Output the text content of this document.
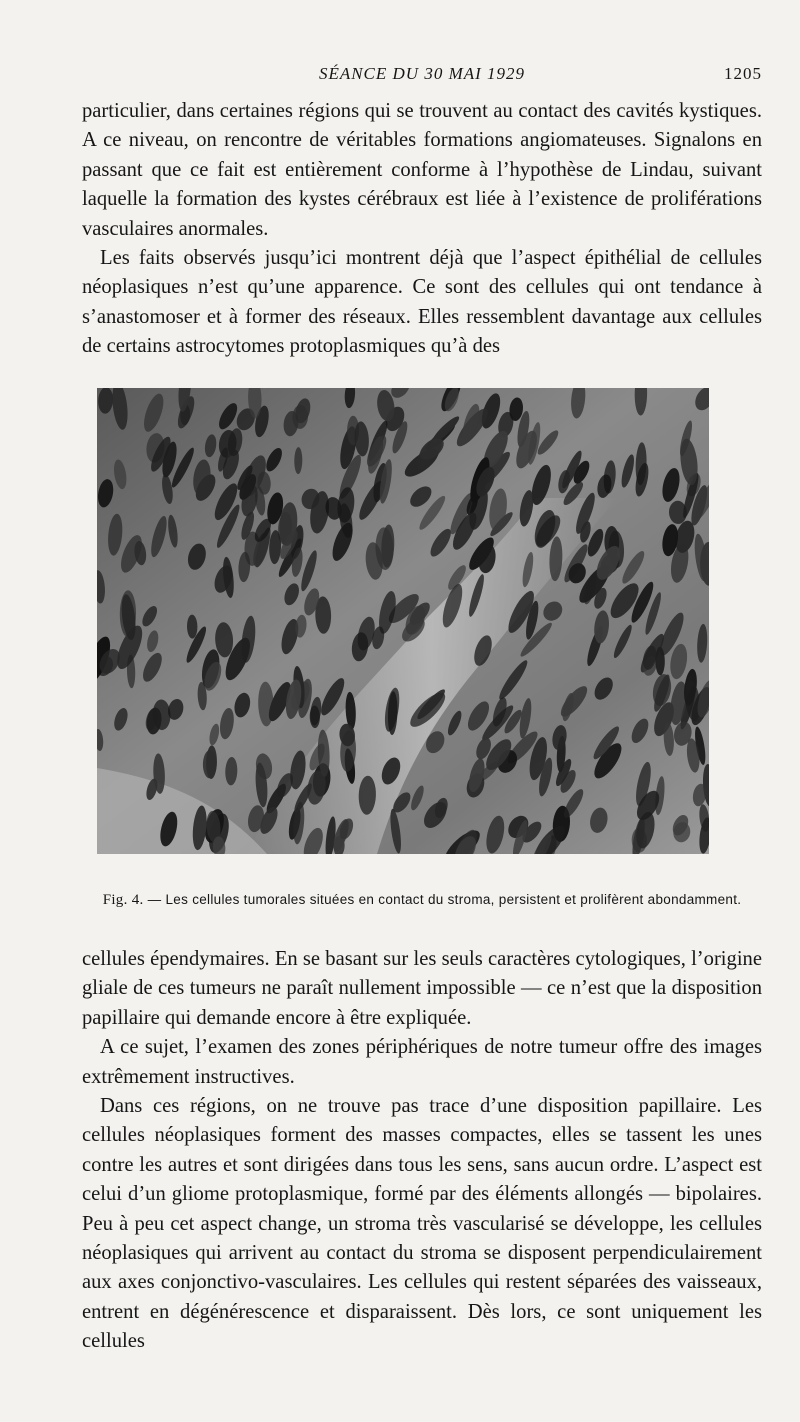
SÉANCE DU 30 MAI 1929	1205

particulier, dans certaines régions qui se trouvent au contact des cavités kystiques. A ce niveau, on rencontre de véritables formations angiomateuses. Signalons en passant que ce fait est entièrement conforme à l’hypothèse de Lindau, suivant laquelle la formation des kystes cérébraux est liée à l’existence de proliférations vasculaires anormales.

Les faits observés jusqu’ici montrent déjà que l’aspect épithélial de cellules néoplasiques n’est qu’une apparence. Ce sont des cellules qui ont tendance à s’anastomoser et à former des réseaux. Elles ressemblent davantage aux cellules de certains astrocytomes protoplasmiques qu’à des

Fig. 4. — Les cellules tumorales situées en contact du stroma, persistent et prolifèrent abondamment.

cellules épendymaires. En se basant sur les seuls caractères cytologiques, l’origine gliale de ces tumeurs ne paraît nullement impossible — ce n’est que la disposition papillaire qui demande encore à être expliquée.

A ce sujet, l’examen des zones périphériques de notre tumeur offre des images extrêmement instructives.

Dans ces régions, on ne trouve pas trace d’une disposition papillaire. Les cellules néoplasiques forment des masses compactes, elles se tassent les unes contre les autres et sont dirigées dans tous les sens, sans aucun ordre. L’aspect est celui d’un gliome protoplasmique, formé par des éléments allongés — bipolaires. Peu à peu cet aspect change, un stroma très vascularisé se développe, les cellules néoplasiques qui arrivent au contact du stroma se disposent perpendiculairement aux axes conjonctivo-vasculaires. Les cellules qui restent séparées des vaisseaux, entrent en dégénérescence et disparaissent. Dès lors, ce sont uniquement les cellules
